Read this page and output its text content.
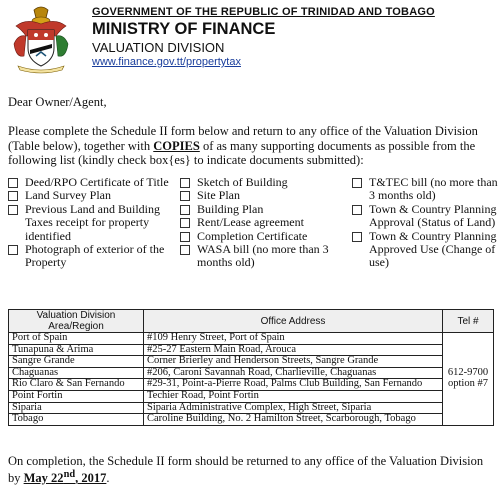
GOVERNMENT OF THE REPUBLIC OF TRINIDAD AND TOBAGO
MINISTRY OF FINANCE
VALUATION DIVISION
www.finance.gov.tt/propertytax
Dear Owner/Agent,
Please complete the Schedule II form below and return to any office of the Valuation Division (Table below), together with COPIES of as many supporting documents as possible from the following list (kindly check box{es} to indicate documents submitted):
Deed/RPO Certificate of Title
Land Survey Plan
Previous Land and Building Taxes receipt for property identified
Photograph of exterior of the Property
Sketch of Building
Site Plan
Building Plan
Rent/Lease agreement
Completion Certificate
WASA bill (no more than 3 months old)
T&TEC bill (no more than 3 months old)
Town & Country Planning Approval (Status of Land)
Town & Country Planning Approved Use (Change of use)
Valuation Division Area/Region	Office Address	Tel #
Port of Spain	#109 Henry Street, Port of Spain	612-9700
option #7

Tunapuna & Arima	#25-27 Eastern Main Road, Arouca	
Sangre Grande	Corner Brierley and Henderson Streets, Sangre Grande	
Chaguanas	#206, Caroni Savannah Road, Charlieville, Chaguanas	
Rio Claro & San Fernando	#29-31, Point-a-Pierre Road, Palms Club Building, San Fernando	
Point Fortin	Techier Road, Point Fortin	
Siparia	Siparia Administrative Complex, High Street, Siparia	
Tobago	Caroline Building, No. 2 Hamilton Street, Scarborough, Tobago	
On completion, the Schedule II form should be returned to any office of the Valuation Division by May 22nd, 2017.
